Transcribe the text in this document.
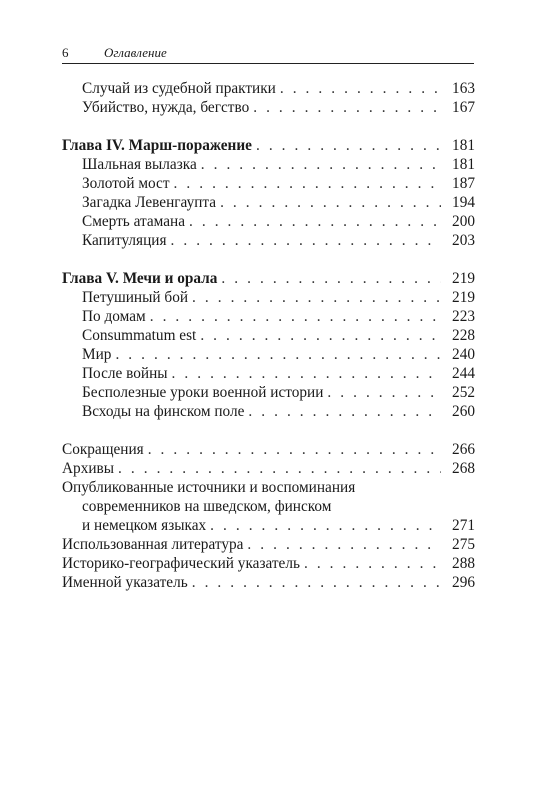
6	Оглавление
Случай из судебной практики . . .	163
Убийство, нужда, бегство . . .	167
Глава IV. Марш-поражение . . .	181
Шальная вылазка . . .	181
Золотой мост . . .	187
Загадка Левенгаупта . . .	194
Смерть атамана . . .	200
Капитуляция . . .	203
Глава V. Мечи и орала . . .	219
Петушиный бой . . .	219
По домам . . .	223
Consummatum est . . .	228
Мир . . .	240
После войны . . .	244
Бесполезные уроки военной истории . . .	252
Всходы на финском поле . . .	260
Сокращения . . .	266
Архивы . . .	268
Опубликованные источники и воспоминания
современников на шведском, финском
и немецком языках . . .	271
Использованная литература . . .	275
Историко-географический указатель . . .	288
Именной указатель . . .	296
